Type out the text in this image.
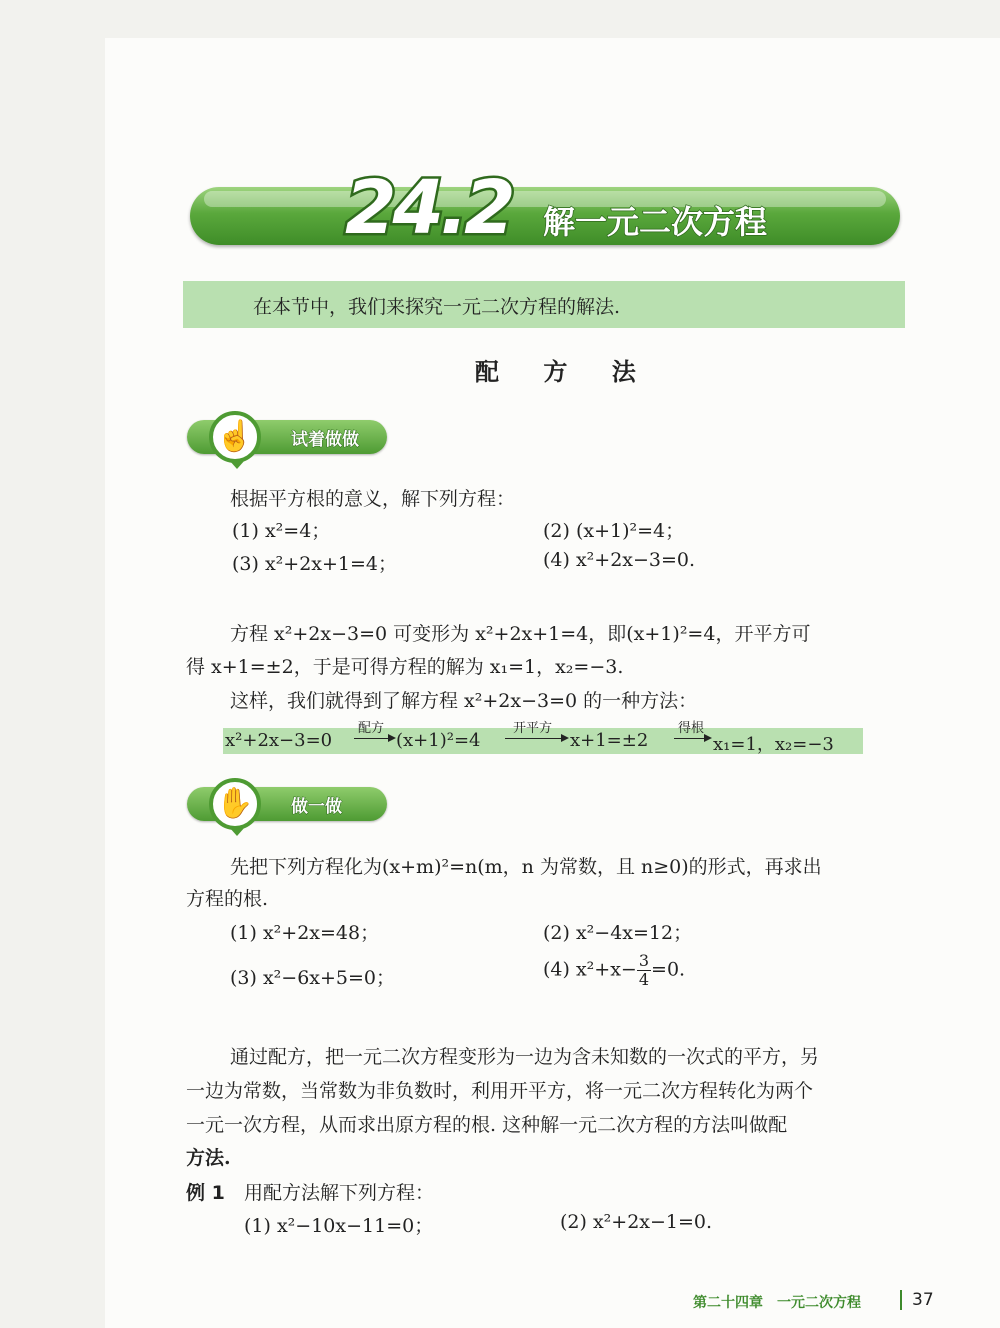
24.2 解一元二次方程
在本节中，我们来探究一元二次方程的解法.
配 方 法
☝	试着做做
根据平方根的意义，解下列方程：
(1) x²=4；	(2) (x+1)²=4；
(3) x²+2x+1=4；	(4) x²+2x−3=0.
方程 x²+2x−3=0 可变形为 x²+2x+1=4，即(x+1)²=4，开平方可
得 x+1=±2，于是可得方程的解为 x₁=1，x₂=−3.
这样，我们就得到了解方程 x²+2x−3=0 的一种方法：
x²+2x−3=0
配方
(x+1)²=4
开平方
x+1=±2
得根
x₁=1，x₂=−3
✋	做一做
先把下列方程化为(x+m)²=n(m，n 为常数，且 n≥0)的形式，再求出
方程的根.
(1) x²+2x=48；	(2) x²−4x=12；
(3) x²−6x+5=0；	(4) $x^2+x- \frac{3}{4} =0$.
通过配方，把一元二次方程变形为一边为含未知数的一次式的平方，另
一边为常数，当常数为非负数时，利用开平方，将一元二次方程转化为两个
一元一次方程，从而求出原方程的根. 这种解一元二次方程的方法叫做配
方法.
例 1 用配方法解下列方程：
(1) x²−10x−11=0；	(2) x²+2x−1=0.
第二十四章　一元二次方程	37
